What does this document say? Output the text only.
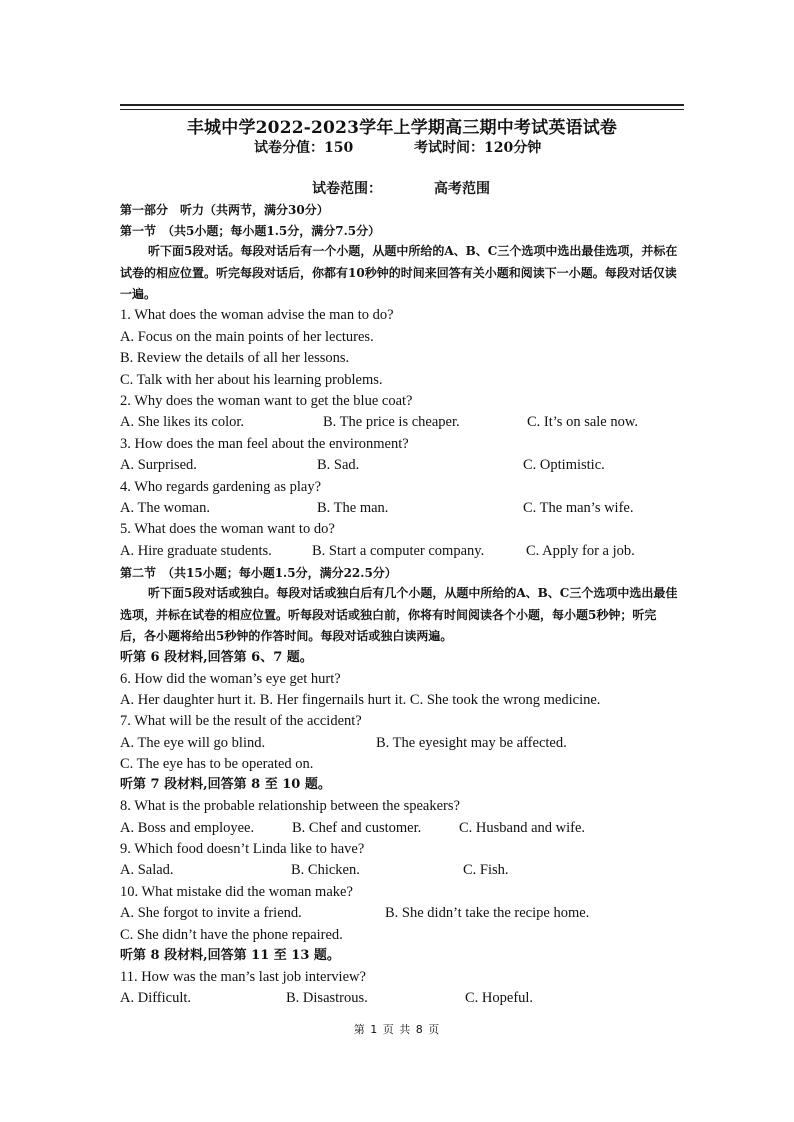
丰城中学2022-2023学年上学期高三期中考试英语试卷
试卷分值：150	考试时间：120分钟
试卷范围：	高考范围
第一部分　听力（共两节，满分30分）
第一节　（共5小题；每小题1.5分，满分7.5分）
听下面5段对话。每段对话后有一个小题，从题中所给的A、B、C三个选项中选出最佳选项，并标在试卷的相应位置。听完每段对话后，你都有10秒钟的时间来回答有关小题和阅读下一小题。每段对话仅读一遍。
1. What does the woman advise the man to do?
A. Focus on the main points of her lectures.
B. Review the details of all her lessons.
C. Talk with her about his learning problems.
2. Why does the woman want to get the blue coat?
A. She likes its color.	B. The price is cheaper.	C. It’s on sale now.
3. How does the man feel about the environment?
A. Surprised.	B. Sad.	C. Optimistic.
4. Who regards gardening as play?
A. The woman.	B. The man.	C. The man’s wife.
5. What does the woman want to do?
A. Hire graduate students.	B. Start a computer company.	C. Apply for a job.
第二节　（共15小题；每小题1.5分，满分22.5分）
听下面5段对话或独白。每段对话或独白后有几个小题，从题中所给的A、B、C三个选项中选出最佳选项，并标在试卷的相应位置。听每段对话或独白前，你将有时间阅读各个小题，每小题5秒钟；听完后，各小题将给出5秒钟的作答时间。每段对话或独白读两遍。
听第 6 段材料,回答第 6、7 题。
6. How did the woman’s eye get hurt?
A. Her daughter hurt it. B. Her fingernails hurt it. C. She took the wrong medicine.
7. What will be the result of the accident?
A. The eye will go blind.	B. The eyesight may be affected.
C. The eye has to be operated on.
听第 7 段材料,回答第 8 至 10 题。
8. What is the probable relationship between the speakers?
A. Boss and employee.	B. Chef and customer.	C. Husband and wife.
9. Which food doesn’t Linda like to have?
A. Salad.	B. Chicken.	C. Fish.
10. What mistake did the woman make?
A. She forgot to invite a friend.	B. She didn’t take the recipe home.
C. She didn’t have the phone repaired.
听第 8 段材料,回答第 11 至 13 题。
11. How was the man’s last job interview?
A. Difficult.	B. Disastrous.	C. Hopeful.
第 1 页 共 8 页
